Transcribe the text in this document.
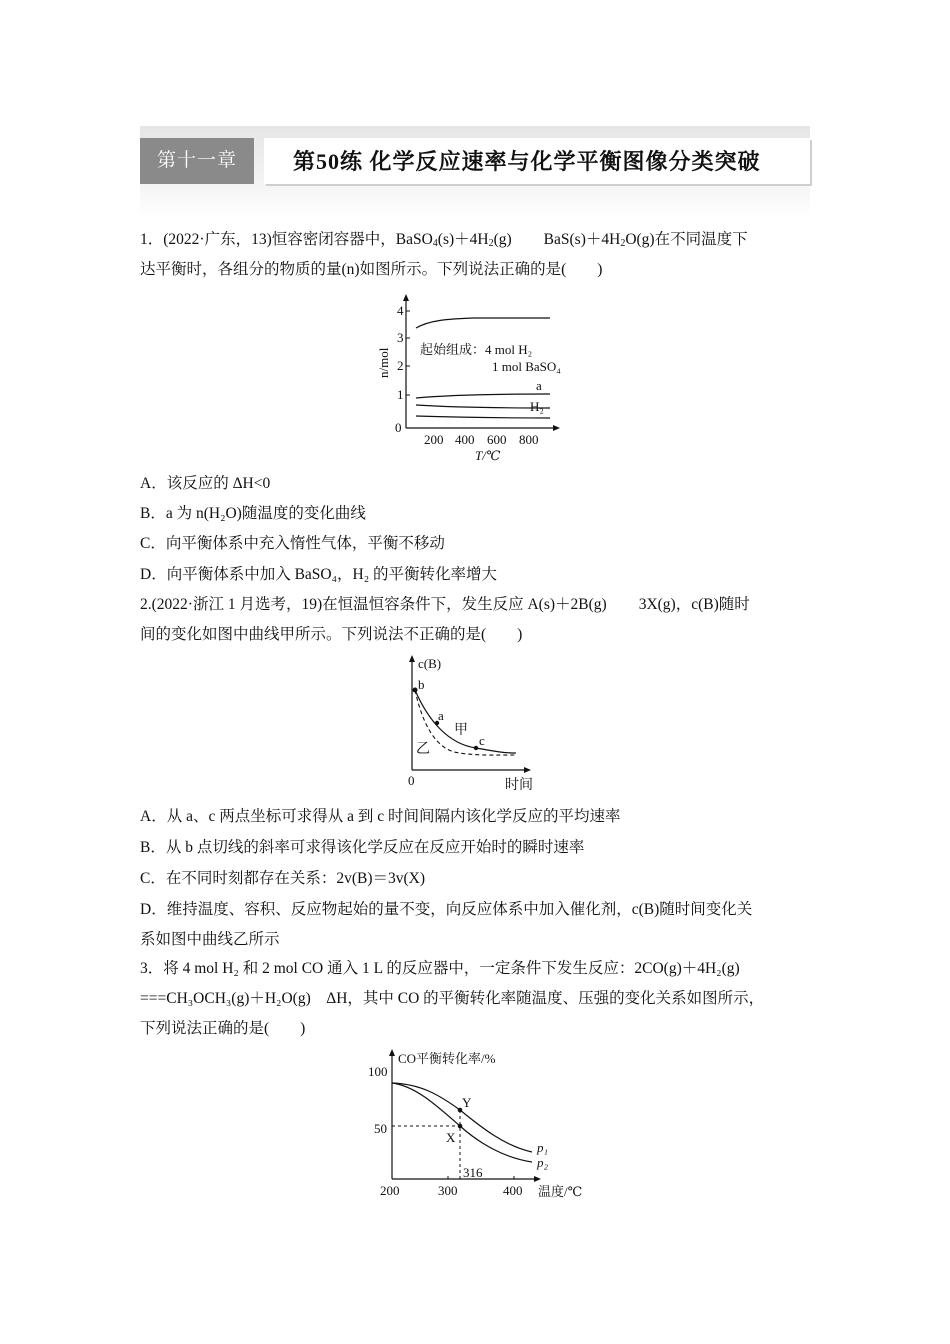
第十一章	第50练 化学反应速率与化学平衡图像分类突破
1．(2022·广东，13)恒容密闭容器中，$BaSO_4(s)+4H_2(g)$ $BaS(s)+4H_2O(g)$在不同温度下
达平衡时，各组分的物质的量(n)如图所示。下列说法正确的是(　　)
4
3
2
1
0
200 400 600 800
T/℃
n/mol
a
H₂
起始组成：4 mol H₂
1 mol BaSO₄
A．该反应的 ΔH<0
B．a 为 n(H₂O)随温度的变化曲线
C．向平衡体系中充入惰性气体，平衡不移动
D．向平衡体系中加入 BaSO₄，H₂ 的平衡转化率增大
2.(2022·浙江 1 月选考，19)在恒温恒容条件下，发生反应 A(s)＋2B(g) 3X(g)，c(B)随时
间的变化如图中曲线甲所示。下列说法不正确的是(　　)
c(B)
0	时间
b
a
c
甲
乙
A．从 a、c 两点坐标可求得从 a 到 c 时间间隔内该化学反应的平均速率
B．从 b 点切线的斜率可求得该化学反应在反应开始时的瞬时速率
C．在不同时刻都存在关系：2v(B)＝3v(X)
D．维持温度、容积、反应物起始的量不变，向反应体系中加入催化剂，c(B)随时间变化关
系如图中曲线乙所示
3．将 4 mol H₂ 和 2 mol CO 通入 1 L 的反应器中，一定条件下发生反应：2CO(g)＋4H₂(g)
===CH₃OCH₃(g)＋H₂O(g)　ΔH，其中 CO 的平衡转化率随温度、压强的变化关系如图所示，
下列说法正确的是(　　)
CO平衡转化率/%
100
50
200	300	400 温度/℃
Y
X
316
p₁
p₂
